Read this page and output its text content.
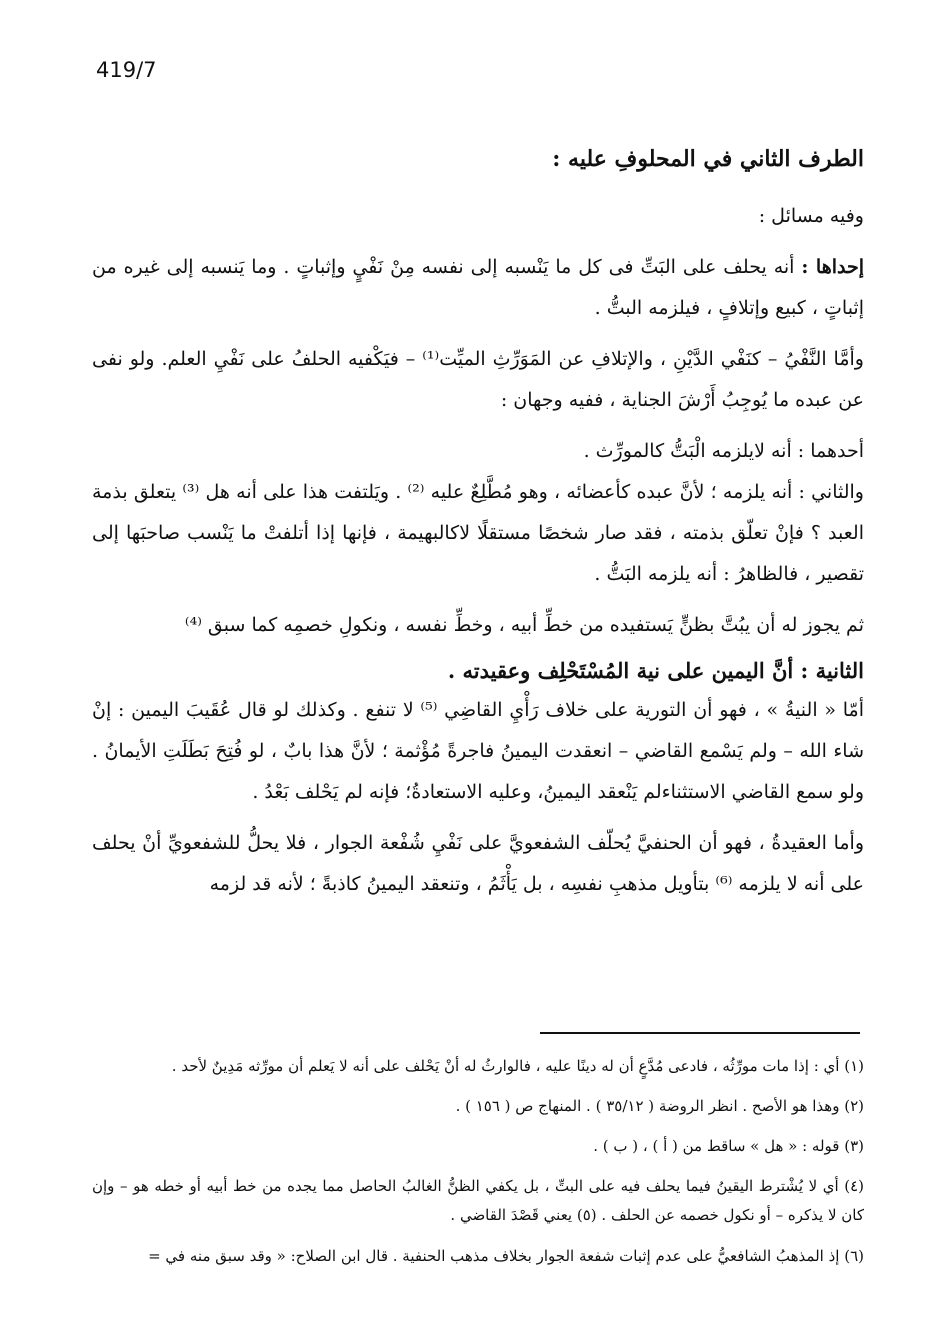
419/7
الطرف الثاني في المحلوفِ عليه :

وفيه مسائل :

إحداها : أنه يحلف على البَتِّ فى كل ما يَنْسبه إلى نفسه مِنْ نَفْيٍ وإثباتٍ . وما يَنسبه إلى غيره من إثباتٍ ، كبيع وإتلافٍ ، فيلزمه البتُّ .

وأمَّا النَّفْيُ – كنَفْي الدَّيْنِ ، والإتلافِ عن المَوَرِّثِ الميِّت⁽¹⁾ – فيَكْفيه الحلفُ على نَفْيِ العلم. ولو نفى عن عبده ما يُوجِبُ أَرْشَ الجناية ، ففيه وجهان :

أحدهما : أنه لايلزمه الْبَتُّ كالمورِّث .

والثاني : أنه يلزمه ؛ لأنَّ عبده كأعضائه ، وهو مُطَّلِعٌ عليه ⁽²⁾ . ويَلتفت هذا على أنه هل ⁽³⁾ يتعلق بذمة العبد ؟ فإنْ تعلّق بذمته ، فقد صار شخصًا مستقلًا لاكالبهيمة ، فإنها إذا أتلفتْ ما يَنْسب صاحبَها إلى تقصير ، فالظاهرُ : أنه يلزمه البَتُّ .

ثم يجوز له أن يبُتَّ بظنٍّ يَستفيده من خطِّ أبيه ، وخطِّ نفسه ، ونكولِ خصمِه كما سبق ⁽⁴⁾

الثانية : أنَّ اليمين على نية المُسْتَحْلِف وعقيدته .

أمّا « النيةُ » ، فهو أن التورية على خلاف رَأْيِ القاضِي ⁽⁵⁾ لا تنفع . وكذلك لو قال عُقَيبَ اليمين : إنْ شاء الله – ولم يَسْمع القاضي – انعقدت اليمينُ فاجرةً مُؤْثمة ؛ لأنَّ هذا بابٌ ، لو فُتِحَ بَطَلَتِ الأيمانُ . ولو سمع القاضي الاستثناءلم يَنْعقد اليمينُ، وعليه الاستعادةُ؛ فإنه لم يَحْلف بَعْدُ .

وأما العقيدةُ ، فهو أن الحنفيَّ يُحلّف الشفعويَّ على نَفْيِ شُفْعة الجوار ، فلا يحلُّ للشفعويِّ أنْ يحلف على أنه لا يلزمه ⁽⁶⁾ بتأويل مذهبِ نفسِه ، بل يَأْثَمُ ، وتنعقد اليمينُ كاذبةً ؛ لأنه قد لزمه

(١) أي : إذا مات مورِّثُه ، فادعى مُدَّعٍ أن له دينًا عليه ، فالوارثُ له أنْ يَحْلف على أنه لا يَعلم أن مورِّثه مَدِينٌ لأحد .

(٢) وهذا هو الأصح . انظر الروضة ( ٣٥/١٢ ) . المنهاج ص ( ١٥٦ ) .

(٣) قوله : « هل » ساقط من ( أ ) ، ( ب ) .

(٤) أي لا يُشْترط اليقينُ فيما يحلف فيه على البتِّ ، بل يكفي الظنُّ الغالبُ الحاصل مما يجده من خط أبيه أو خطه هو – وإن كان لا يذكره – أو نكول خصمه عن الحلف . (٥) يعني قَصْدَ القاضي .

(٦) إذ المذهبُ الشافعيُّ على عدم إثبات شفعة الجوار بخلاف مذهب الحنفية . قال ابن الصلاح: « وقد سبق منه في =
